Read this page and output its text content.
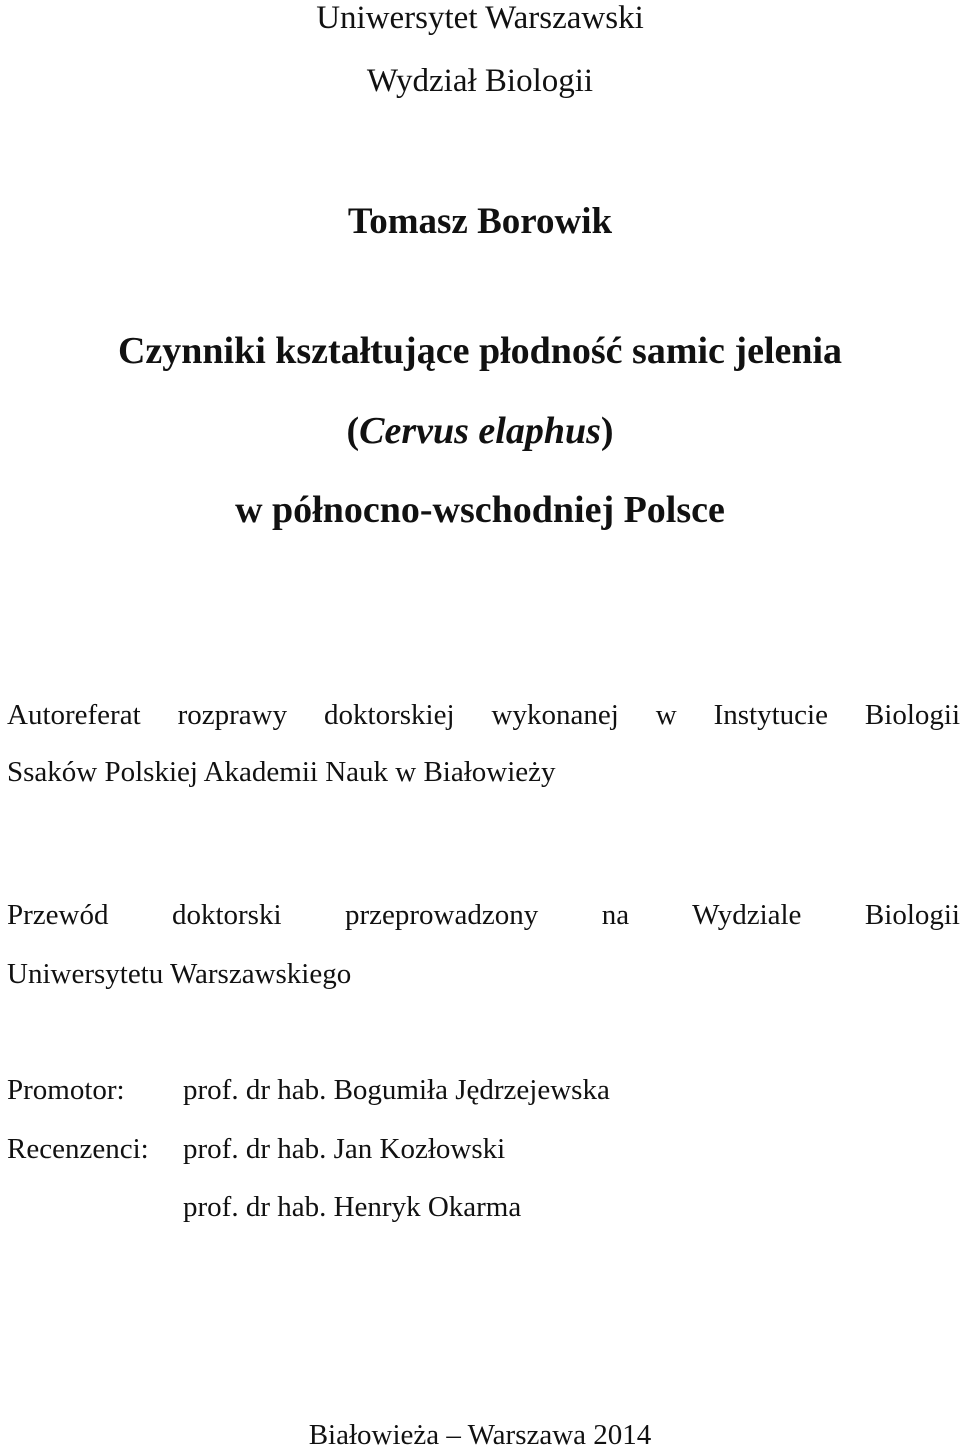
Uniwersytet Warszawski
Wydział Biologii
Tomasz Borowik
Czynniki kształtujące płodność samic jelenia
(Cervus elaphus)
w północno-wschodniej Polsce
Autoreferat rozprawy doktorskiej wykonanej w Instytucie Biologii
Ssaków Polskiej Akademii Nauk w Białowieży
Przewód doktorski przeprowadzony na Wydziale Biologii
Uniwersytetu Warszawskiego
Promotor: prof. dr hab. Bogumiła Jędrzejewska
Recenzenci: prof. dr hab. Jan Kozłowski
prof. dr hab. Henryk Okarma
Białowieża – Warszawa 2014
